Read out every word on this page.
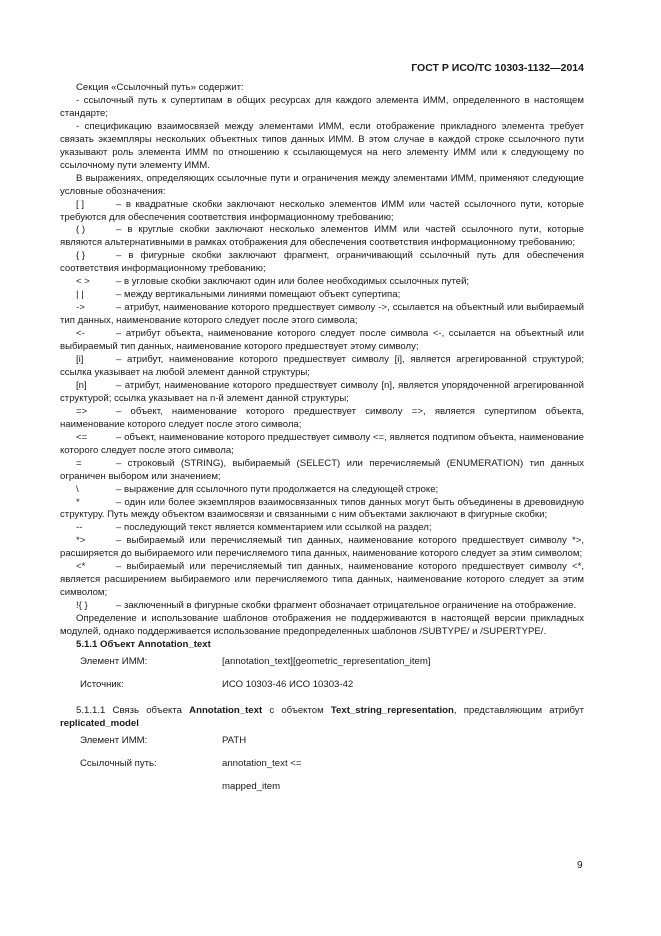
ГОСТ Р ИСО/ТС 10303-1132—2014
Секция «Ссылочный путь» содержит:
- ссылочный путь к супертипам в общих ресурсах для каждого элемента ИММ, определенного в настоящем стандарте;
- спецификацию взаимосвязей между элементами ИММ, если отображение прикладного элемента требует связать экземпляры нескольких объектных типов данных ИММ. В этом случае в каждой строке ссылочного пути указывают роль элемента ИММ по отношению к ссылающемуся на него элементу ИММ или к следующему по ссылочному пути элементу ИММ.
В выражениях, определяющих ссылочные пути и ограничения между элементами ИММ, применяют следующие условные обозначения:
[ ]	– в квадратные скобки заключают несколько элементов ИММ или частей ссылочного пути, которые требуются для обеспечения соответствия информационному требованию;
( )	– в круглые скобки заключают несколько элементов ИММ или частей ссылочного пути, которые являются альтернативными в рамках отображения для обеспечения соответствия информационному требованию;
{ }	– в фигурные скобки заключают фрагмент, ограничивающий ссылочный путь для обеспечения соответствия информационному требованию;
< >	– в угловые скобки заключают один или более необходимых ссылочных путей;
| |	– между вертикальными линиями помещают объект супертипа;
->	– атрибут, наименование которого предшествует символу ->, ссылается на объектный или выбираемый тип данных, наименование которого следует после этого символа;
<-	– атрибут объекта, наименование которого следует после символа <-, ссылается на объектный или выбираемый тип данных, наименование которого предшествует этому символу;
[i]	– атрибут, наименование которого предшествует символу [i], является агрегированной структурой; ссылка указывает на любой элемент данной структуры;
[n]	– атрибут, наименование которого предшествует символу [n], является упорядоченной агрегированной структурой; ссылка указывает на n-й элемент данной структуры;
=>	– объект, наименование которого предшествует символу =>, является супертипом объекта, наименование которого следует после этого символа;
<=	– объект, наименование которого предшествует символу <=, является подтипом объекта, наименование которого следует после этого символа;
=	– строковый (STRING), выбираемый (SELECT) или перечисляемый (ENUMERATION) тип данных ограничен выбором или значением;
\	– выражение для ссылочного пути продолжается на следующей строке;
*	– один или более экземпляров взаимосвязанных типов данных могут быть объединены в древовидную структуру. Путь между объектом взаимосвязи и связанными с ним объектами заключают в фигурные скобки;
--	– последующий текст является комментарием или ссылкой на раздел;
*>	– выбираемый или перечисляемый тип данных, наименование которого предшествует символу *>, расширяется до выбираемого или перечисляемого типа данных, наименование которого следует за этим символом;
<*	– выбираемый или перечисляемый тип данных, наименование которого предшествует символу <*, является расширением выбираемого или перечисляемого типа данных, наименование которого следует за этим символом;
!{ }	– заключенный в фигурные скобки фрагмент обозначает отрицательное ограничение на отображение.
Определение и использование шаблонов отображения не поддерживаются в настоящей версии прикладных модулей, однако поддерживается использование предопределенных шаблонов /SUBTYPE/ и /SUPERTYPE/.
5.1.1 Объект Annotation_text
Элемент ИММ:	[annotation_text][geometric_representation_item]
Источник:	ИСО 10303-46 ИСО 10303-42
5.1.1.1 Связь объекта Annotation_text с объектом Text_string_representation, представляющим атрибут replicated_model
Элемент ИММ:	PATH
Ссылочный путь:	annotation_text <=
mapped_item
9
